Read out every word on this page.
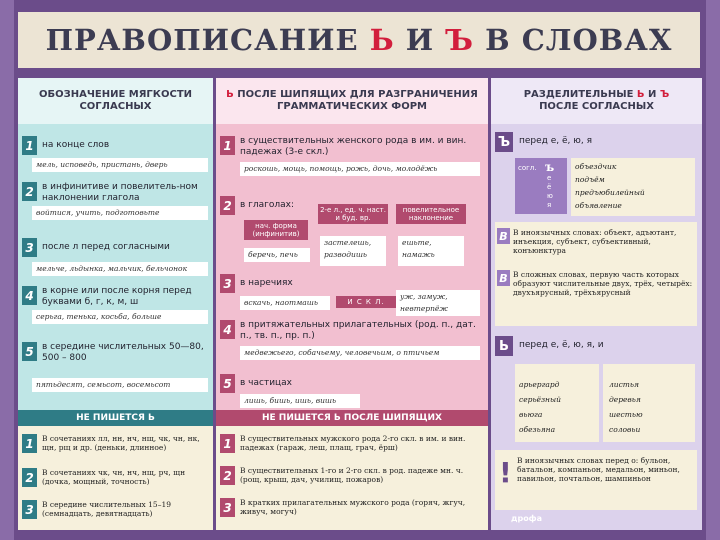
ПРАВОПИСАНИЕ Ь И Ъ В СЛОВАХ
ОБОЗНАЧЕНИЕ МЯГКОСТИ СОГЛАСНЫХ
1 на конце слов
мель, исповедь, пристань, дверь
2 в инфинитиве и повелитель-ном наклонении глагола
войтися, учить, подготовьте
3 после л перед согласными
мельче, льдынка, мальчик, бельчонок
4 в корне или после корня перед буквами б, г, к, м, ш
серьга, тенька, косьба, больше
5 в середине числительных 50—80, 500 – 800
пятьдесят, семьсот, восемьсот
НЕ ПИШЕТСЯ Ь
1	В сочетаниях лл, нн, нч, нщ, чк, чн, нк, щн, рщ и др. (деньки, длинное)
2	В сочетаниях чк, чн, нч, нщ, рч, щн (дочка, мощный, точность)
3	В середине числительных 15–19 (семнадцать, девятнадцать)
Ь ПОСЛЕ ШИПЯЩИХ ДЛЯ РАЗГРАНИЧЕНИЯ ГРАММАТИЧЕСКИХ ФОРМ
1 в существительных женского рода в им. и вин. падежах (3-е скл.)
роскошь, мощь, помощь, рожь, дочь, молодёжь
2 в глаголах:
нач. форма (инфинитив)
2-е л., ед. ч. наст. и буд. вр.
повелительное наклонение
беречь, печь
застелешь, разводишь
ешьте, намажь
3 в наречиях
вскачь, наотмашь	И С К Л.
уж, замуж, невтерпёж
4 в притяжательных прилагательных (род. п., дат. п., тв. п., пр. п.)
медвежьего, собачьему, человечьим, о птичьем
5 в частицах
лишь, бишь, ишь, вишь
НЕ ПИШЕТСЯ Ь ПОСЛЕ ШИПЯЩИХ
1	В существительных мужского рода 2-го скл. в им. и вин. падежах (гараж, леш, плащ, грач, ёрш)
2	В существительных 1-го и 2-го скл. в род. падеже мн. ч. (рощ, крыш, дач, училищ, пожаров)
3	В кратких прилагательных мужского рода (горяч, жгуч, живуч, могуч)
РАЗДЕЛИТЕЛЬНЫЕ Ь И Ъ
ПОСЛЕ СОГЛАСНЫХ
Ъ перед е, ё, ю, я
согл. ъ
е
ё
ю
я
объездчик
подъём
предъюбилейный
объявление
В В иноязычных словах: объект, адъютант, инъекция, субъект, субъективный, конъюнктура
В В сложных словах, первую часть которых образуют числительные двух, трёх, четырёх: двухъярусный, трёхъярусный
Ь	перед е, ё, ю, я, и
арьергард
серьёзный
вьюга
обезьяна
листья
деревья
шестью
соловьи
! В иноязычных словах перед о: бульон, батальон, компаньон, медальон, миньон, павильон, почтальон, шампиньон
дрофа
